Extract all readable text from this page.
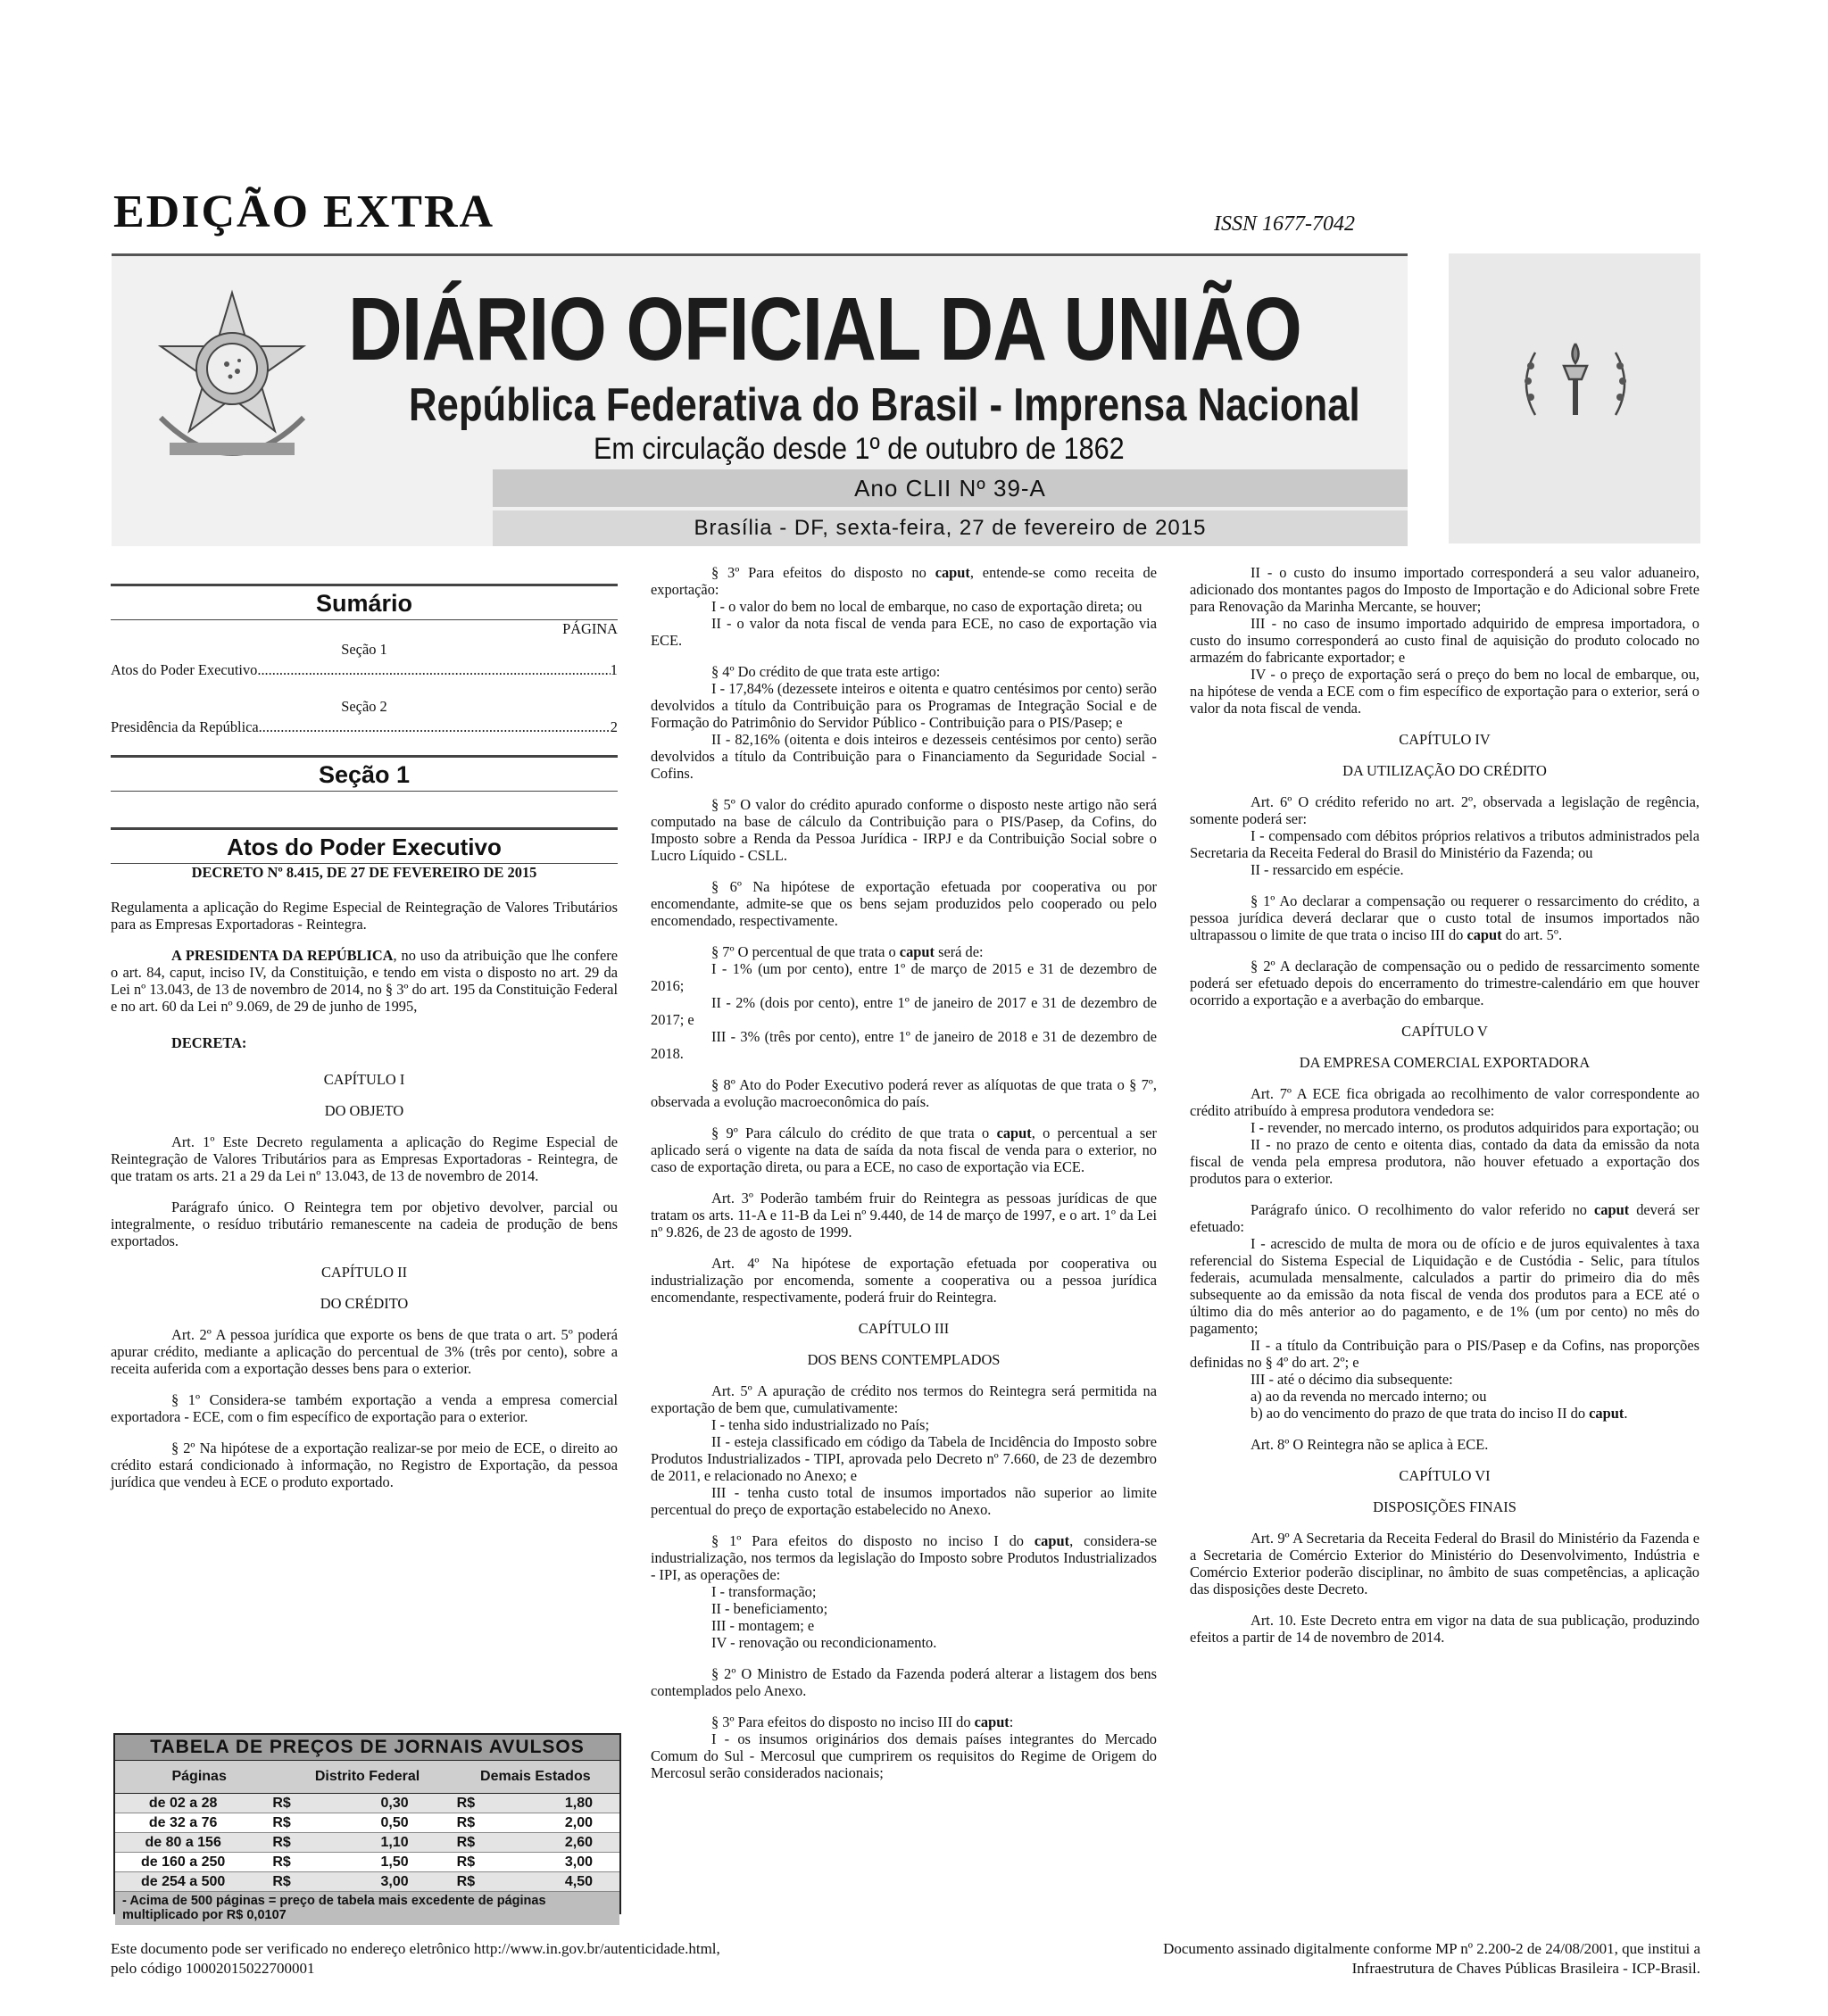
EDIÇÃO EXTRA	ISSN 1677-7042
DIÁRIO OFICIAL DA UNIÃO
República Federativa do Brasil - Imprensa Nacional
Em circulação desde 1º de outubro de 1862
Ano CLII Nº 39-A
Brasília - DF, sexta-feira, 27 de fevereiro de 2015
Sumário

PÁGINA

Seção 1

Atos do Poder Executivo .....	1

Seção 2

Presidência da República .....	2
Seção 1
Atos do Poder Executivo

DECRETO Nº 8.415, DE 27 DE FEVEREIRO DE 2015

Regulamenta a aplicação do Regime Especial de Reintegração de Valores Tributários para as Empresas Exportadoras - Reintegra.

A PRESIDENTA DA REPÚBLICA, no uso da atribuição que lhe confere o art. 84, caput, inciso IV, da Constituição, e tendo em vista o disposto no art. 29 da Lei nº 13.043, de 13 de novembro de 2014, no § 3º do art. 195 da Constituição Federal e no art. 60 da Lei nº 9.069, de 29 de junho de 1995,

DECRETA:

CAPÍTULO I

DO OBJETO

Art. 1º Este Decreto regulamenta a aplicação do Regime Especial de Reintegração de Valores Tributários para as Empresas Exportadoras - Reintegra, de que tratam os arts. 21 a 29 da Lei nº 13.043, de 13 de novembro de 2014.

Parágrafo único. O Reintegra tem por objetivo devolver, parcial ou integralmente, o resíduo tributário remanescente na cadeia de produção de bens exportados.

CAPÍTULO II

DO CRÉDITO

Art. 2º A pessoa jurídica que exporte os bens de que trata o art. 5º poderá apurar crédito, mediante a aplicação do percentual de 3% (três por cento), sobre a receita auferida com a exportação desses bens para o exterior.

§ 1º Considera-se também exportação a venda a empresa comercial exportadora - ECE, com o fim específico de exportação para o exterior.

§ 2º Na hipótese de a exportação realizar-se por meio de ECE, o direito ao crédito estará condicionado à informação, no Registro de Exportação, da pessoa jurídica que vendeu à ECE o produto exportado.

TABELA DE PREÇOS DE JORNAIS AVULSOS
Páginas	Distrito Federal	Demais Estados
de 02 a 28	R$	0,30	R$	1,80
de 32 a 76	R$	0,50	R$	2,00
de 80 a 156	R$	1,10	R$	2,60
de 160 a 250	R$	1,50	R$	3,00
de 254 a 500	R$	3,00	R$	4,50
- Acima de 500 páginas = preço de tabela mais excedente de páginas multiplicado por R$ 0,0107

§ 3º Para efeitos do disposto no caput, entende-se como receita de exportação:

I - o valor do bem no local de embarque, no caso de exportação direta; ou

II - o valor da nota fiscal de venda para ECE, no caso de exportação via ECE.

§ 4º Do crédito de que trata este artigo:

I - 17,84% (dezessete inteiros e oitenta e quatro centésimos por cento) serão devolvidos a título da Contribuição para os Programas de Integração Social e de Formação do Patrimônio do Servidor Público - Contribuição para o PIS/Pasep; e

II - 82,16% (oitenta e dois inteiros e dezesseis centésimos por cento) serão devolvidos a título da Contribuição para o Financiamento da Seguridade Social - Cofins.

§ 5º O valor do crédito apurado conforme o disposto neste artigo não será computado na base de cálculo da Contribuição para o PIS/Pasep, da Cofins, do Imposto sobre a Renda da Pessoa Jurídica - IRPJ e da Contribuição Social sobre o Lucro Líquido - CSLL.

§ 6º Na hipótese de exportação efetuada por cooperativa ou por encomendante, admite-se que os bens sejam produzidos pelo cooperado ou pelo encomendado, respectivamente.

§ 7º O percentual de que trata o caput será de:

I - 1% (um por cento), entre 1º de março de 2015 e 31 de dezembro de 2016;

II - 2% (dois por cento), entre 1º de janeiro de 2017 e 31 de dezembro de 2017; e

III - 3% (três por cento), entre 1º de janeiro de 2018 e 31 de dezembro de 2018.

§ 8º Ato do Poder Executivo poderá rever as alíquotas de que trata o § 7º, observada a evolução macroeconômica do país.

§ 9º Para cálculo do crédito de que trata o caput, o percentual a ser aplicado será o vigente na data de saída da nota fiscal de venda para o exterior, no caso de exportação direta, ou para a ECE, no caso de exportação via ECE.

Art. 3º Poderão também fruir do Reintegra as pessoas jurídicas de que tratam os arts. 11-A e 11-B da Lei nº 9.440, de 14 de março de 1997, e o art. 1º da Lei nº 9.826, de 23 de agosto de 1999.

Art. 4º Na hipótese de exportação efetuada por cooperativa ou industrialização por encomenda, somente a cooperativa ou a pessoa jurídica encomendante, respectivamente, poderá fruir do Reintegra.

CAPÍTULO III

DOS BENS CONTEMPLADOS

Art. 5º A apuração de crédito nos termos do Reintegra será permitida na exportação de bem que, cumulativamente:

I - tenha sido industrializado no País;

II - esteja classificado em código da Tabela de Incidência do Imposto sobre Produtos Industrializados - TIPI, aprovada pelo Decreto nº 7.660, de 23 de dezembro de 2011, e relacionado no Anexo; e

III - tenha custo total de insumos importados não superior ao limite percentual do preço de exportação estabelecido no Anexo.

§ 1º Para efeitos do disposto no inciso I do caput, considera-se industrialização, nos termos da legislação do Imposto sobre Produtos Industrializados - IPI, as operações de:

I - transformação;

II - beneficiamento;

III - montagem; e

IV - renovação ou recondicionamento.

§ 2º O Ministro de Estado da Fazenda poderá alterar a listagem dos bens contemplados pelo Anexo.

§ 3º Para efeitos do disposto no inciso III do caput:

I - os insumos originários dos demais países integrantes do Mercado Comum do Sul - Mercosul que cumprirem os requisitos do Regime de Origem do Mercosul serão considerados nacionais;

II - o custo do insumo importado corresponderá a seu valor aduaneiro, adicionado dos montantes pagos do Imposto de Importação e do Adicional sobre Frete para Renovação da Marinha Mercante, se houver;

III - no caso de insumo importado adquirido de empresa importadora, o custo do insumo corresponderá ao custo final de aquisição do produto colocado no armazém do fabricante exportador; e

IV - o preço de exportação será o preço do bem no local de embarque, ou, na hipótese de venda a ECE com o fim específico de exportação para o exterior, será o valor da nota fiscal de venda.

CAPÍTULO IV

DA UTILIZAÇÃO DO CRÉDITO

Art. 6º O crédito referido no art. 2º, observada a legislação de regência, somente poderá ser:

I - compensado com débitos próprios relativos a tributos administrados pela Secretaria da Receita Federal do Brasil do Ministério da Fazenda; ou

II - ressarcido em espécie.

§ 1º Ao declarar a compensação ou requerer o ressarcimento do crédito, a pessoa jurídica deverá declarar que o custo total de insumos importados não ultrapassou o limite de que trata o inciso III do caput do art. 5º.

§ 2º A declaração de compensação ou o pedido de ressarcimento somente poderá ser efetuado depois do encerramento do trimestre-calendário em que houver ocorrido a exportação e a averbação do embarque.

CAPÍTULO V

DA EMPRESA COMERCIAL EXPORTADORA

Art. 7º A ECE fica obrigada ao recolhimento de valor correspondente ao crédito atribuído à empresa produtora vendedora se:

I - revender, no mercado interno, os produtos adquiridos para exportação; ou

II - no prazo de cento e oitenta dias, contado da data da emissão da nota fiscal de venda pela empresa produtora, não houver efetuado a exportação dos produtos para o exterior.

Parágrafo único. O recolhimento do valor referido no caput deverá ser efetuado:

I - acrescido de multa de mora ou de ofício e de juros equivalentes à taxa referencial do Sistema Especial de Liquidação e de Custódia - Selic, para títulos federais, acumulada mensalmente, calculados a partir do primeiro dia do mês subsequente ao da emissão da nota fiscal de venda dos produtos para a ECE até o último dia do mês anterior ao do pagamento, e de 1% (um por cento) no mês do pagamento;

II - a título da Contribuição para o PIS/Pasep e da Cofins, nas proporções definidas no § 4º do art. 2º; e

III - até o décimo dia subsequente:

a) ao da revenda no mercado interno; ou

b) ao do vencimento do prazo de que trata do inciso II do caput.

Art. 8º O Reintegra não se aplica à ECE.

CAPÍTULO VI

DISPOSIÇÕES FINAIS

Art. 9º A Secretaria da Receita Federal do Brasil do Ministério da Fazenda e a Secretaria de Comércio Exterior do Ministério do Desenvolvimento, Indústria e Comércio Exterior poderão disciplinar, no âmbito de suas competências, a aplicação das disposições deste Decreto.

Art. 10. Este Decreto entra em vigor na data de sua publicação, produzindo efeitos a partir de 14 de novembro de 2014.

Este documento pode ser verificado no endereço eletrônico http://www.in.gov.br/autenticidade.html,
pelo código 10002015022700001
Documento assinado digitalmente conforme MP nº 2.200-2 de 24/08/2001, que institui a
Infraestrutura de Chaves Públicas Brasileira - ICP-Brasil.
